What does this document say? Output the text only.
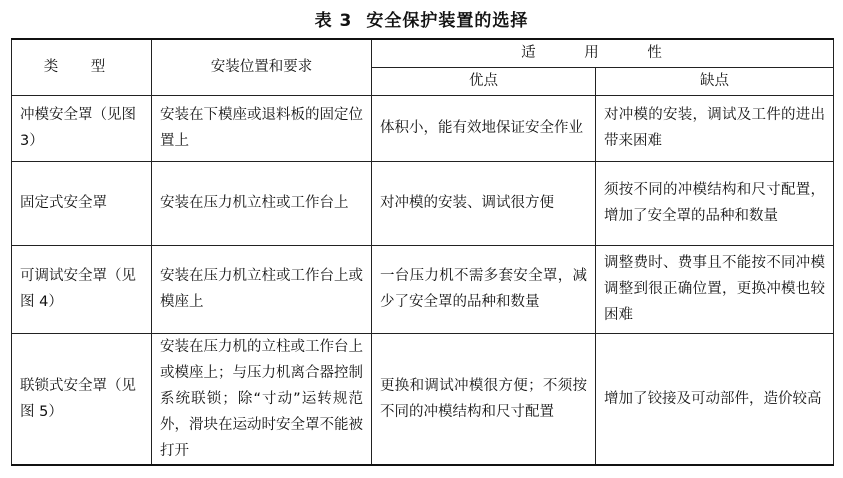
表 3 安全保护装置的选择
类 型	安装位置和要求	适 用 性	
		优点	缺点
冲模安全罩（见图 3）	安装在下模座或退料板的固定位置上	体积小，能有效地保证安全作业	对冲模的安装，调试及工件的进出带来困难
固定式安全罩	安装在压力机立柱或工作台上	对冲模的安装、调试很方便	须按不同的冲模结构和尺寸配置，增加了安全罩的品种和数量
可调试安全罩（见图 4）	安装在压力机立柱或工作台上或模座上	一台压力机不需多套安全罩，减少了安全罩的品种和数量	调整费时、费事且不能按不同冲模调整到很正确位置，更换冲模也较困难
联锁式安全罩（见图 5）	安装在压力机的立柱或工作台上或模座上；与压力机离合器控制系统联锁；除“寸动”运转规范外，滑块在运动时安全罩不能被打开	更换和调试冲模很方便；不须按不同的冲模结构和尺寸配置	增加了铰接及可动部件，造价较高
